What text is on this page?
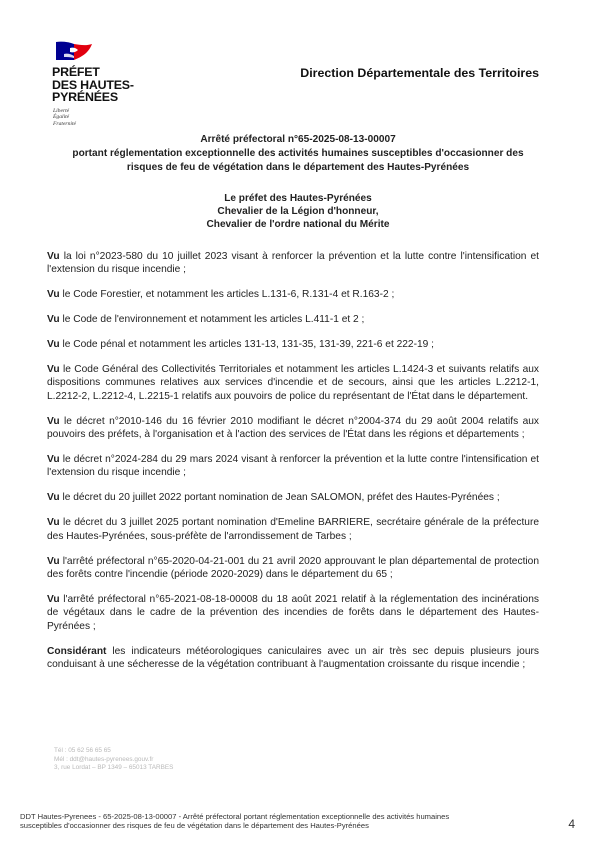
PRÉFET
DES HAUTES-
PYRÉNÉES
Liberté
Égalité
Fraternité
Direction Départementale des Territoires
Arrêté préfectoral n°65-2025-08-13-00007
portant réglementation exceptionnelle des activités humaines susceptibles d'occasionner des
risques de feu de végétation dans le département des Hautes-Pyrénées
Le préfet des Hautes-Pyrénées
Chevalier de la Légion d'honneur,
Chevalier de l'ordre national du Mérite

Vu la loi n°2023-580 du 10 juillet 2023 visant à renforcer la prévention et la lutte contre l'intensification et l'extension du risque incendie ;

Vu le Code Forestier, et notamment les articles L.131-6, R.131-4 et R.163-2 ;

Vu le Code de l'environnement et notamment les articles L.411-1 et 2 ;

Vu le Code pénal et notamment les articles 131-13, 131-35, 131-39, 221-6 et 222-19 ;

Vu le Code Général des Collectivités Territoriales et notamment les articles L.1424-3 et suivants relatifs aux dispositions communes relatives aux services d'incendie et de secours, ainsi que les articles L.2212-1, L.2212-2, L.2212-4, L.2215-1 relatifs aux pouvoirs de police du représentant de l'État dans le département.

Vu le décret n°2010-146 du 16 février 2010 modifiant le décret n°2004-374 du 29 août 2004 relatifs aux pouvoirs des préfets, à l'organisation et à l'action des services de l'État dans les régions et départements ;

Vu le décret n°2024-284 du 29 mars 2024 visant à renforcer la prévention et la lutte contre l'intensification et l'extension du risque incendie ;

Vu le décret du 20 juillet 2022 portant nomination de Jean SALOMON, préfet des Hautes-Pyrénées ;

Vu le décret du 3 juillet 2025 portant nomination d'Emeline BARRIERE, secrétaire générale de la préfecture des Hautes-Pyrénées, sous-préfète de l'arrondissement de Tarbes ;

Vu l'arrêté préfectoral n°65-2020-04-21-001 du 21 avril 2020 approuvant le plan départemental de protection des forêts contre l'incendie (période 2020-2029) dans le département du 65 ;

Vu l'arrêté préfectoral n°65-2021-08-18-00008 du 18 août 2021 relatif à la réglementation des incinérations de végétaux dans le cadre de la prévention des incendies de forêts dans le département des Hautes-Pyrénées ;

Considérant les indicateurs météorologiques caniculaires avec un air très sec depuis plusieurs jours conduisant à une sécheresse de la végétation contribuant à l'augmentation croissante du risque incendie ;

Tél : 05 62 56 65 65
Mél : ddt@hautes-pyrenees.gouv.fr
3, rue Lordat – BP 1349 – 65013 TARBES
DDT Hautes-Pyrenees - 65-2025-08-13-00007 - Arrêté préfectoral portant réglementation exceptionnelle des activités humaines
susceptibles d'occasionner des risques de feu de végétation dans le département des Hautes-Pyrénées	4
